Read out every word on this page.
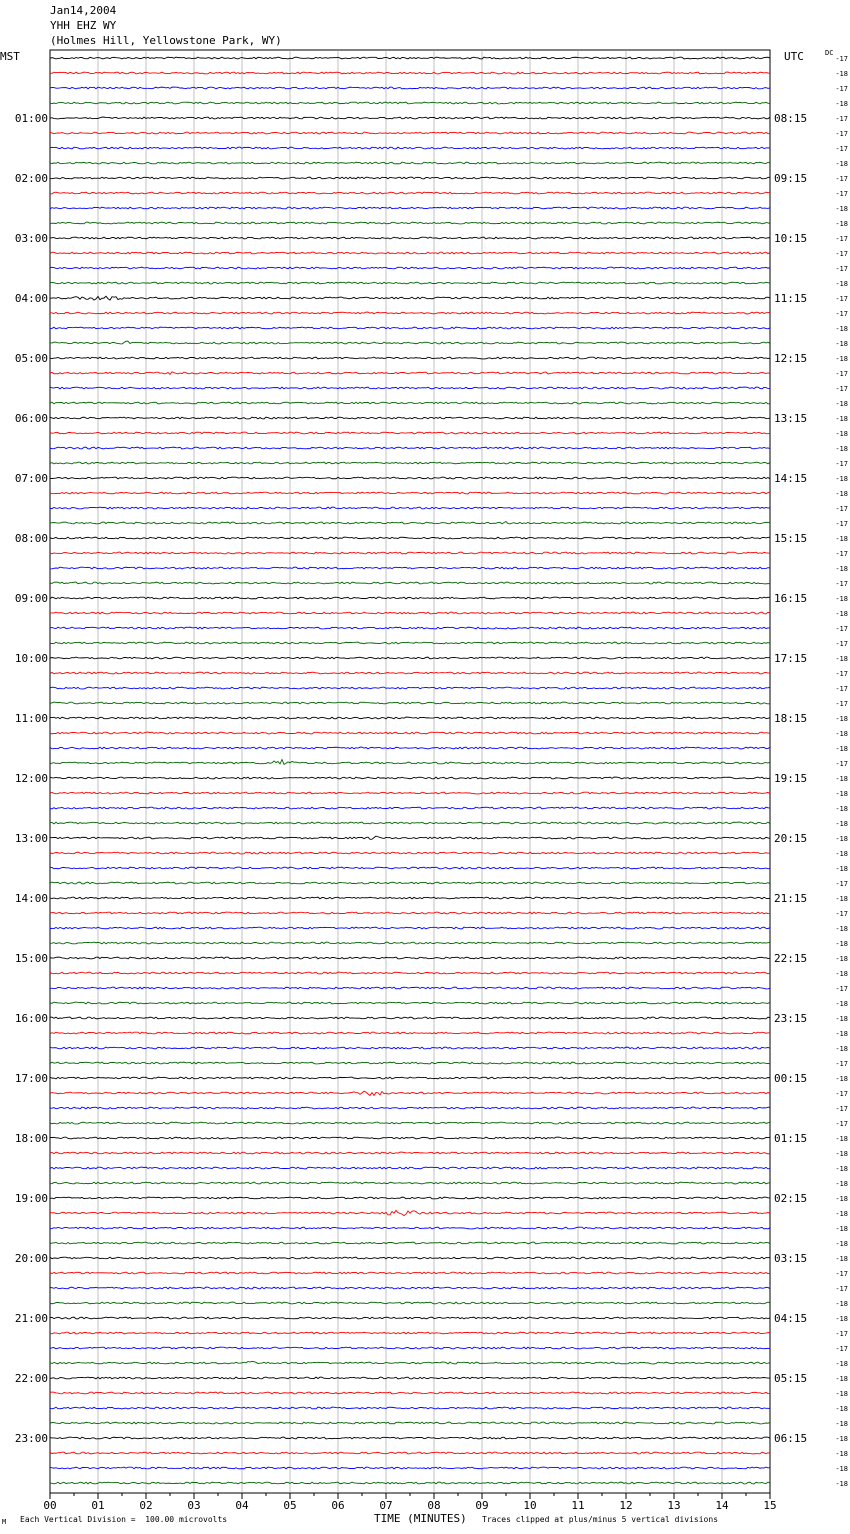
Jan14,2004
YHH EHZ WY
(Holmes Hill, Yellowstone Park, WY)
MST	UTC	DC
00	01	02	03	04	05	06	07	08	09	10	11	12	13	14	15
-17
-18
-17
-18
-17
-17
-17
-18
-17
-17
-18
-18
-17
-17
-17
-18
-17
-17
-18
-18
-18
-17
-17
-18
-18
-18
-18
-17
-18
-18
-17
-17
-18
-17
-18
-17
-18
-18
-17
-17
-18
-17
-17
-17
-18
-18
-18
-17
-18
-18
-18
-18
-18
-18
-18
-17
-18
-17
-18
-18
-18
-18
-17
-18
-18
-18
-18
-17
-18
-17
-17
-17
-18
-18
-18
-18
-18
-18
-18
-18
-18
-17
-17
-18
-18
-17
-17
-18
-18
-18
-18
-18
-18
-18
-18
-18
01:00	08:15
02:00	09:15
03:00	10:15
04:00	11:15
05:00	12:15
06:00	13:15
07:00	14:15
08:00	15:15
09:00	16:15
10:00	17:15
11:00	18:15
12:00	19:15
13:00	20:15
14:00	21:15
15:00	22:15
16:00	23:15
17:00	00:15
18:00	01:15
19:00	02:15
20:00	03:15
21:00	04:15
22:00	05:15
23:00	06:15
M Each Vertical Division =  100.00 microvolts	TIME (MINUTES) Traces clipped at plus/minus 5 vertical divisions
